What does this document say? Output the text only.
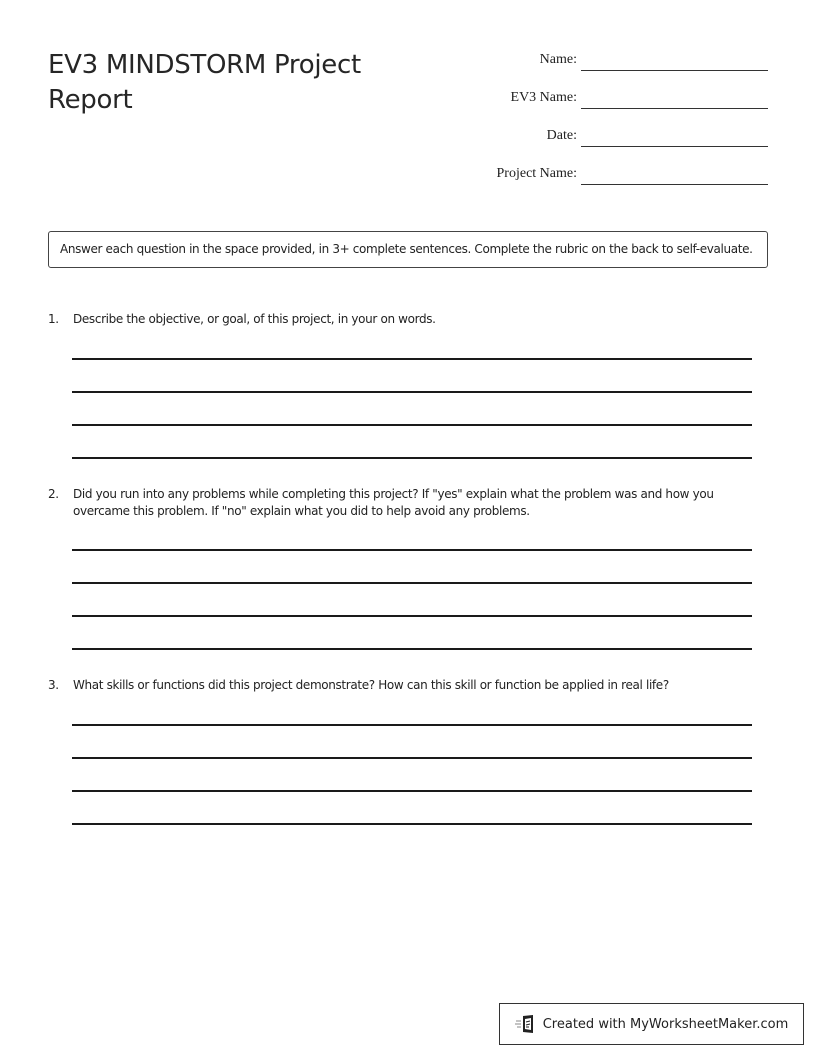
EV3 MINDSTORM Project Report
Name:
EV3 Name:
Date:
Project Name:
Answer each question in the space provided, in 3+ complete sentences. Complete the rubric on the back to self-evaluate.
1.	Describe the objective, or goal, of this project, in your on words.
2.	Did you run into any problems while completing this project? If "yes" explain what the problem was and how you overcame this problem. If "no" explain what you did to help avoid any problems.
3.	What skills or functions did this project demonstrate? How can this skill or function be applied in real life?
Created with MyWorksheetMaker.com
